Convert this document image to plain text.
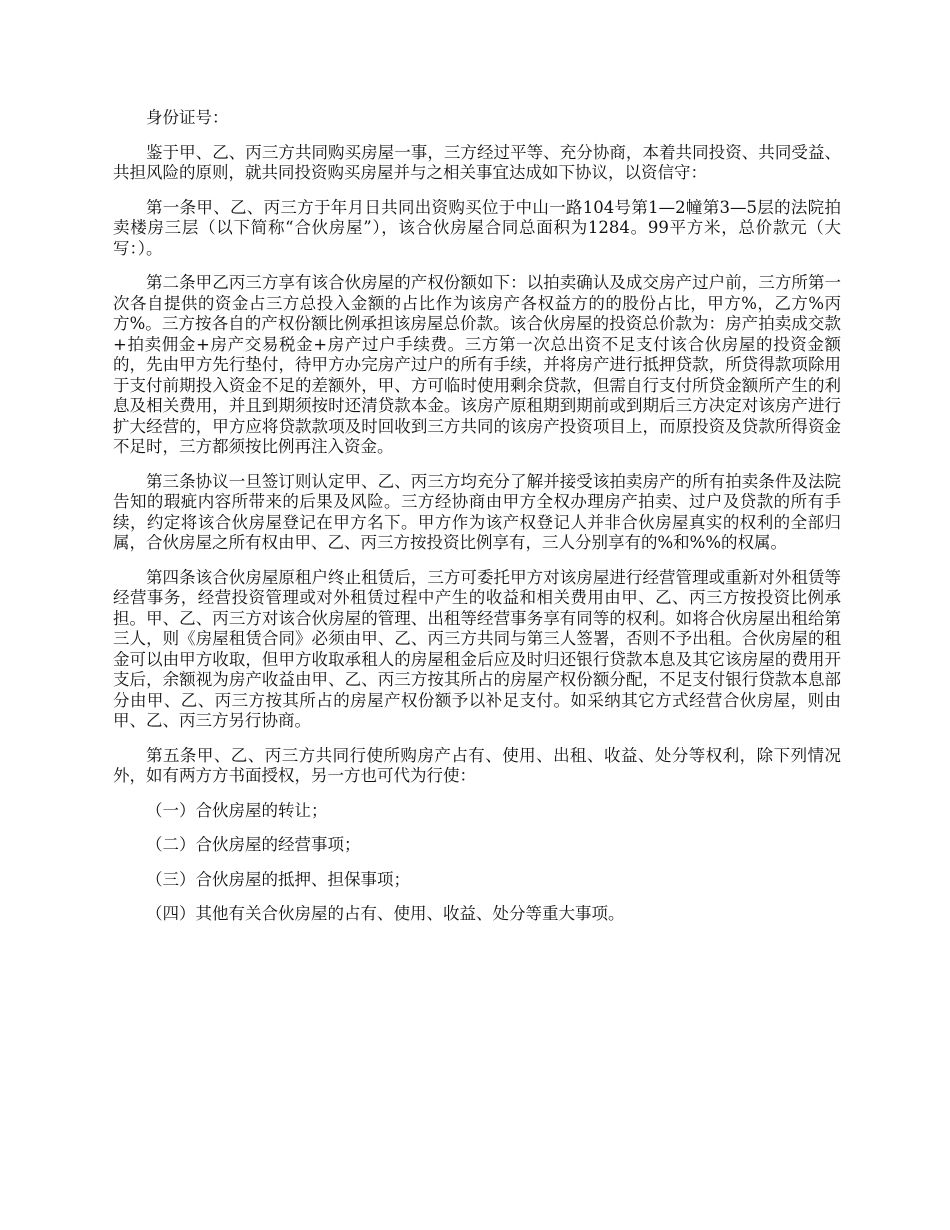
身份证号：

鉴于甲、乙、丙三方共同购买房屋一事，三方经过平等、充分协商，本着共同投资、共同受益、共担风险的原则，就共同投资购买房屋并与之相关事宜达成如下协议，以资信守：

第一条甲、乙、丙三方于年月日共同出资购买位于中山一路104号第1—2幢第3—5层的法院拍卖楼房三层（以下简称“合伙房屋”），该合伙房屋合同总面积为1284。99平方米，总价款元（大写：）。

第二条甲乙丙三方享有该合伙房屋的产权份额如下：以拍卖确认及成交房产过户前，三方所第一次各自提供的资金占三方总投入金额的占比作为该房产各权益方的的股份占比，甲方%，乙方%丙方%。三方按各自的产权份额比例承担该房屋总价款。该合伙房屋的投资总价款为：房产拍卖成交款+拍卖佣金+房产交易税金+房产过户手续费。三方第一次总出资不足支付该合伙房屋的投资金额的，先由甲方先行垫付，待甲方办完房产过户的所有手续，并将房产进行抵押贷款，所贷得款项除用于支付前期投入资金不足的差额外，甲、方可临时使用剩余贷款，但需自行支付所贷金额所产生的利息及相关费用，并且到期须按时还清贷款本金。该房产原租期到期前或到期后三方决定对该房产进行扩大经营的，甲方应将贷款款项及时回收到三方共同的该房产投资项目上，而原投资及贷款所得资金不足时，三方都须按比例再注入资金。

第三条协议一旦签订则认定甲、乙、丙三方均充分了解并接受该拍卖房产的所有拍卖条件及法院告知的瑕疵内容所带来的后果及风险。三方经协商由甲方全权办理房产拍卖、过户及贷款的所有手续，约定将该合伙房屋登记在甲方名下。甲方作为该产权登记人并非合伙房屋真实的权利的全部归属，合伙房屋之所有权由甲、乙、丙三方按投资比例享有，三人分别享有的%和%%的权属。

第四条该合伙房屋原租户终止租赁后，三方可委托甲方对该房屋进行经营管理或重新对外租赁等经营事务，经营投资管理或对外租赁过程中产生的收益和相关费用由甲、乙、丙三方按投资比例承担。甲、乙、丙三方对该合伙房屋的管理、出租等经营事务享有同等的权利。如将合伙房屋出租给第三人，则《房屋租赁合同》必须由甲、乙、丙三方共同与第三人签署，否则不予出租。合伙房屋的租金可以由甲方收取，但甲方收取承租人的房屋租金后应及时归还银行贷款本息及其它该房屋的费用开支后，余额视为房产收益由甲、乙、丙三方按其所占的房屋产权份额分配，不足支付银行贷款本息部分由甲、乙、丙三方按其所占的房屋产权份额予以补足支付。如采纳其它方式经营合伙房屋，则由甲、乙、丙三方另行协商。

第五条甲、乙、丙三方共同行使所购房产占有、使用、出租、收益、处分等权利，除下列情况外，如有两方方书面授权，另一方也可代为行使：

（一）合伙房屋的转让；

（二）合伙房屋的经营事项；

（三）合伙房屋的抵押、担保事项；

（四）其他有关合伙房屋的占有、使用、收益、处分等重大事项。
